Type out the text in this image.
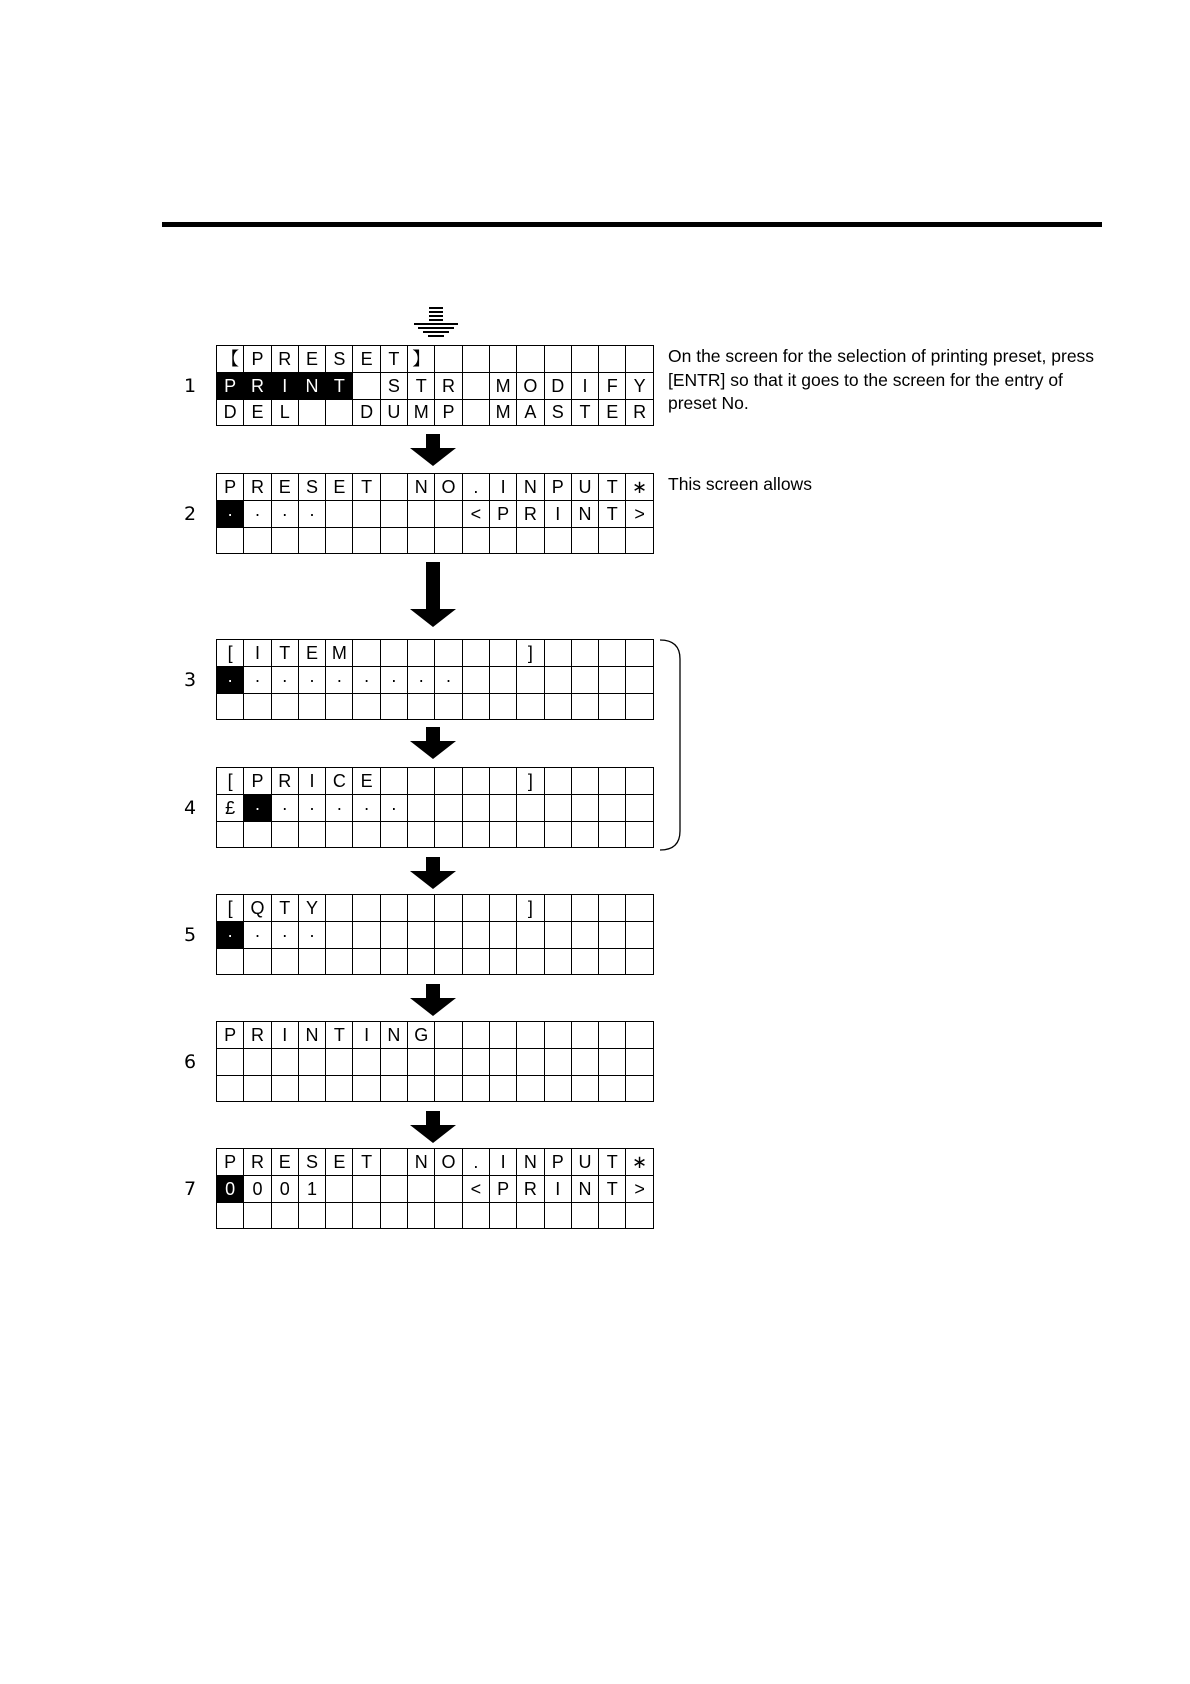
1
【 P R E S E T 】
P R	I	N T	S T R	M O D	I	F Y
D E L	D U M P	M A S T E R

On the screen for the selection of printing preset, press [ENTR] so that it goes to the screen for the entry of preset No.

2
P R E S E T	N O .	I	N P U T ∗
·	·	·	·	< P R	I	N T >

This screen allows

3
[	I	T E M	]
·	·	·	·	·	·	·	·	·
4
[	P R	I	C E	]
£	·	·	·	·	·	·
5
[ Q T Y	]
·	·	·	·
6
P R	I	N T	I	N G
7
P R E S E T	N O .	I	N P U T ∗
0 0 0 1	< P R	I	N T >
